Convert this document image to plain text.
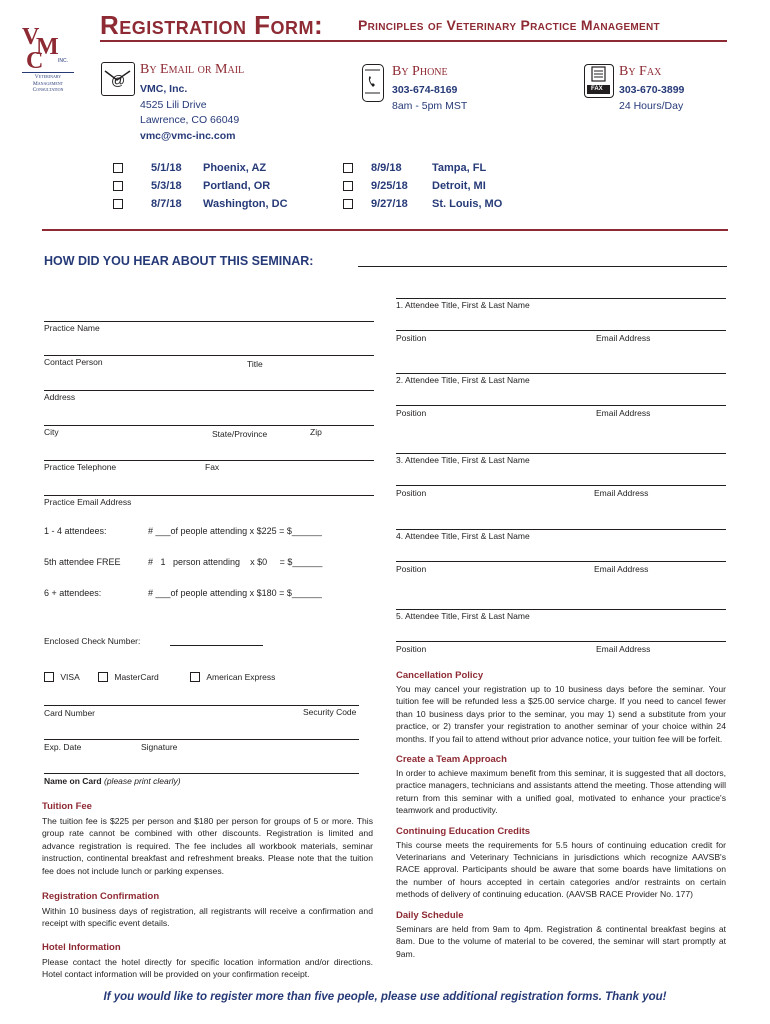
V
M
C	INC.
Veterinary
Management
Consultation
Registration Form: Principles of Veterinary Practice Management
@
By Email or Mail
VMC, Inc.
4525 Lili Drive
Lawrence, CO 66049
vmc@vmc-inc.com
By Phone
303-674-8169
8am - 5pm MST
FAX
By Fax
303-670-3899
24 Hours/Day
5/1/18 Phoenix, AZ
5/3/18 Portland, OR
8/7/18 Washington, DC
8/9/18	Tampa, FL
9/25/18 Detroit, MI
9/27/18 St. Louis, MO
HOW DID YOU HEAR ABOUT THIS SEMINAR:
Practice Name
Contact Person	Title
Address
City	State/Province	Zip
Practice Telephone	Fax
Practice Email Address
1 - 4 attendees:	# ___of people attending x $225 = $______
5th attendee FREE	#   1   person attending    x $0     = $______
6 + attendees:	# ___of people attending x $180 = $______
Enclosed Check Number:
VISA	MasterCard	American Express
Card Number	Security Code
Exp. Date	Signature
Name on Card (please print clearly)
1. Attendee Title, First & Last Name
Position	Email Address
2. Attendee Title, First & Last Name
Position	Email Address
3. Attendee Title, First & Last Name
Position	Email Address
4. Attendee Title, First & Last Name
Position	Email Address
5. Attendee Title, First & Last Name
Position	Email Address
Tuition Fee
The tuition fee is $225 per person and $180 per person for groups of 5 or more. This group rate cannot be combined with other discounts. Registration is limited and advance registration is required. The fee includes all workbook materials, seminar instruction, continental breakfast and refreshment breaks. Please note that the tuition fee does not include lunch or parking expenses.
Registration Confirmation
Within 10 business days of registration, all registrants will receive a confirmation and receipt with specific event details.
Hotel Information
Please contact the hotel directly for specific location information and/or directions. Hotel contact information will be provided on your confirmation receipt.
Cancellation Policy
You may cancel your registration up to 10 business days before the seminar. Your tuition fee will be refunded less a $25.00 service charge. If you need to cancel fewer than 10 business days prior to the seminar, you may 1) send a substitute from your practice, or 2) transfer your registration to another seminar of your choice within 24 months. If you fail to attend without prior advance notice, your tuition fee will be forfeit.
Create a Team Approach
In order to achieve maximum benefit from this seminar, it is suggested that all doctors, practice managers, technicians and assistants attend the meeting. Those attending will return from this seminar with a unified goal, motivated to enhance your practice's teamwork and productivity.
Continuing Education Credits
This course meets the requirements for 5.5 hours of continuing education credit for Veterinarians and Veterinary Technicians in jurisdictions which recognize AAVSB's RACE approval. Participants should be aware that some boards have limitations on the number of hours accepted in certain categories and/or restraints on certain methods of delivery of continuing education. (AAVSB RACE Provider No. 177)
Daily Schedule
Seminars are held from 9am to 4pm. Registration & continental breakfast begins at 8am. Due to the volume of material to be covered, the seminar will start promptly at 9am.
If you would like to register more than five people, please use additional registration forms. Thank you!
